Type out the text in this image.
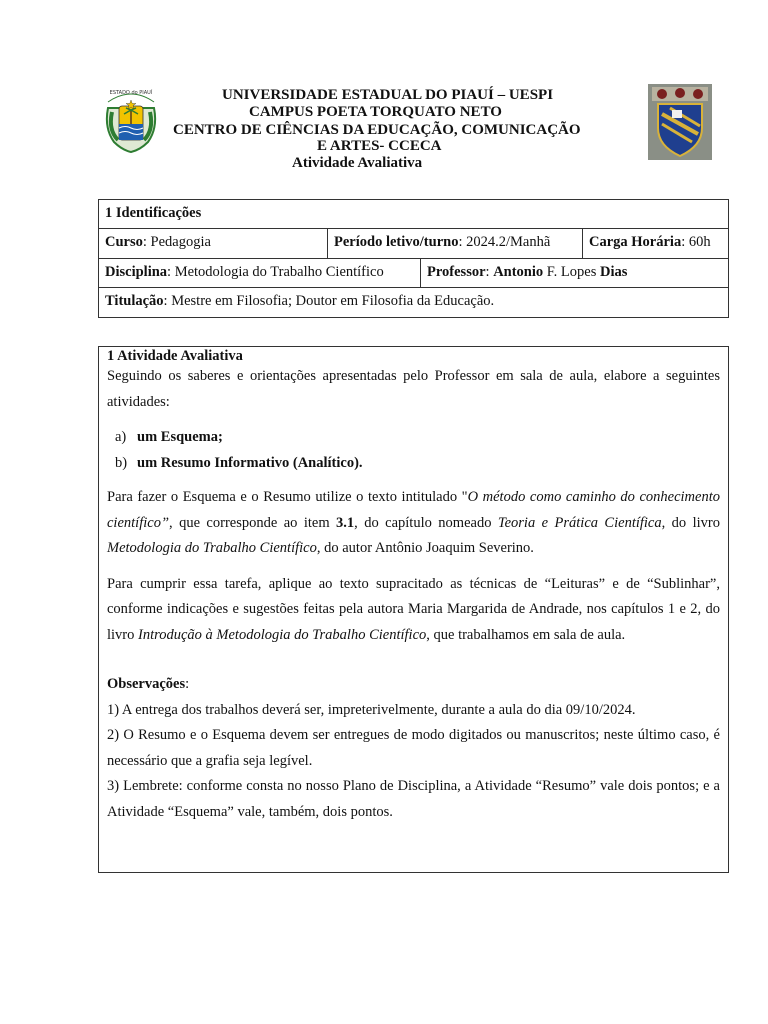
ESTADO do PIAUÍ	UNIVERSIDADE ESTADUAL DO PIAUÍ – UESPI
CAMPUS POETA TORQUATO NETO
CENTRO DE CIÊNCIAS DA EDUCAÇÃO, COMUNICAÇÃO
E ARTES- CCECA
Atividade Avaliativa
1 Identificações
Curso: Pedagogia	Período letivo/turno: 2024.2/Manhã	Carga Horária: 60h
Disciplina: Metodologia do Trabalho Científico	Professor: Antonio F. Lopes Dias
Titulação: Mestre em Filosofia; Doutor em Filosofia da Educação.

1 Atividade Avaliativa

Seguindo os saberes e orientações apresentadas pelo Professor em sala de aula, elabore a seguintes atividades:

a) um Esquema;
b) um Resumo Informativo (Analítico).

Para fazer o Esquema e o Resumo utilize o texto intitulado "O método como caminho do conhecimento científico”, que corresponde ao item 3.1, do capítulo nomeado Teoria e Prática Científica, do livro Metodologia do Trabalho Científico, do autor Antônio Joaquim Severino.

Para cumprir essa tarefa, aplique ao texto supracitado as técnicas de “Leituras” e de “Sublinhar”, conforme indicações e sugestões feitas pela autora Maria Margarida de Andrade, nos capítulos 1 e 2, do livro Introdução à Metodologia do Trabalho Científico, que trabalhamos em sala de aula.

Observações:

1) A entrega dos trabalhos deverá ser, impreterivelmente, durante a aula do dia 09/10/2024.

2) O Resumo e o Esquema devem ser entregues de modo digitados ou manuscritos; neste último caso, é necessário que a grafia seja legível.

3) Lembrete: conforme consta no nosso Plano de Disciplina, a Atividade “Resumo” vale dois pontos; e a Atividade “Esquema” vale, também, dois pontos.
